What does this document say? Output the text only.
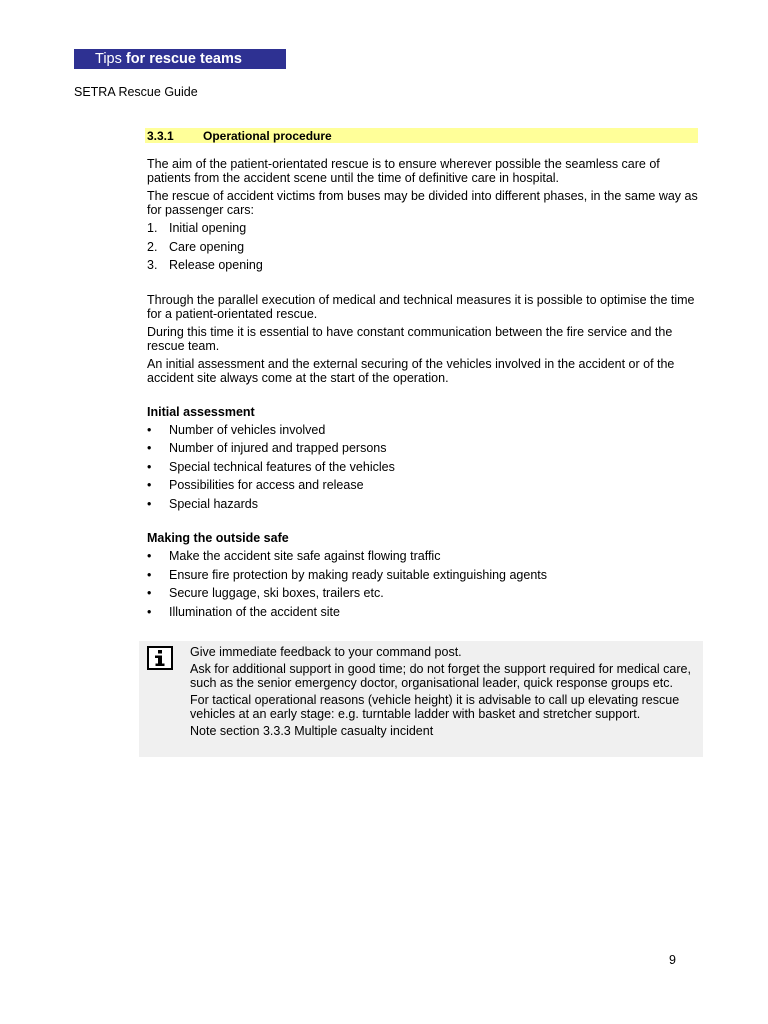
Tips for rescue teams
SETRA Rescue Guide
3.3.1	Operational procedure

The aim of the patient-orientated rescue is to ensure wherever possible the seamless care of patients from the accident scene until the time of definitive care in hospital.

The rescue of accident victims from buses may be divided into different phases, in the same way as for passenger cars:

1. Initial opening
2. Care opening
3. Release opening

Through the parallel execution of medical and technical measures it is possible to optimise the time for a patient-orientated rescue.

During this time it is essential to have constant communication between the fire service and the rescue team.

An initial assessment and the external securing of the vehicles involved in the accident or of the accident site always come at the start of the operation.

Initial assessment
• Number of vehicles involved
• Number of injured and trapped persons
• Special technical features of the vehicles
• Possibilities for access and release
• Special hazards
Making the outside safe
• Make the accident site safe against flowing traffic
• Ensure fire protection by making ready suitable extinguishing agents
• Secure luggage, ski boxes, trailers etc.
• Illumination of the accident site

Give immediate feedback to your command post.

Ask for additional support in good time; do not forget the support required for medical care, such as the senior emergency doctor, organisational leader, quick response groups etc.

For tactical operational reasons (vehicle height) it is advisable to call up elevating rescue vehicles at an early stage: e.g. turntable ladder with basket and stretcher support.

Note section 3.3.3 Multiple casualty incident

9
